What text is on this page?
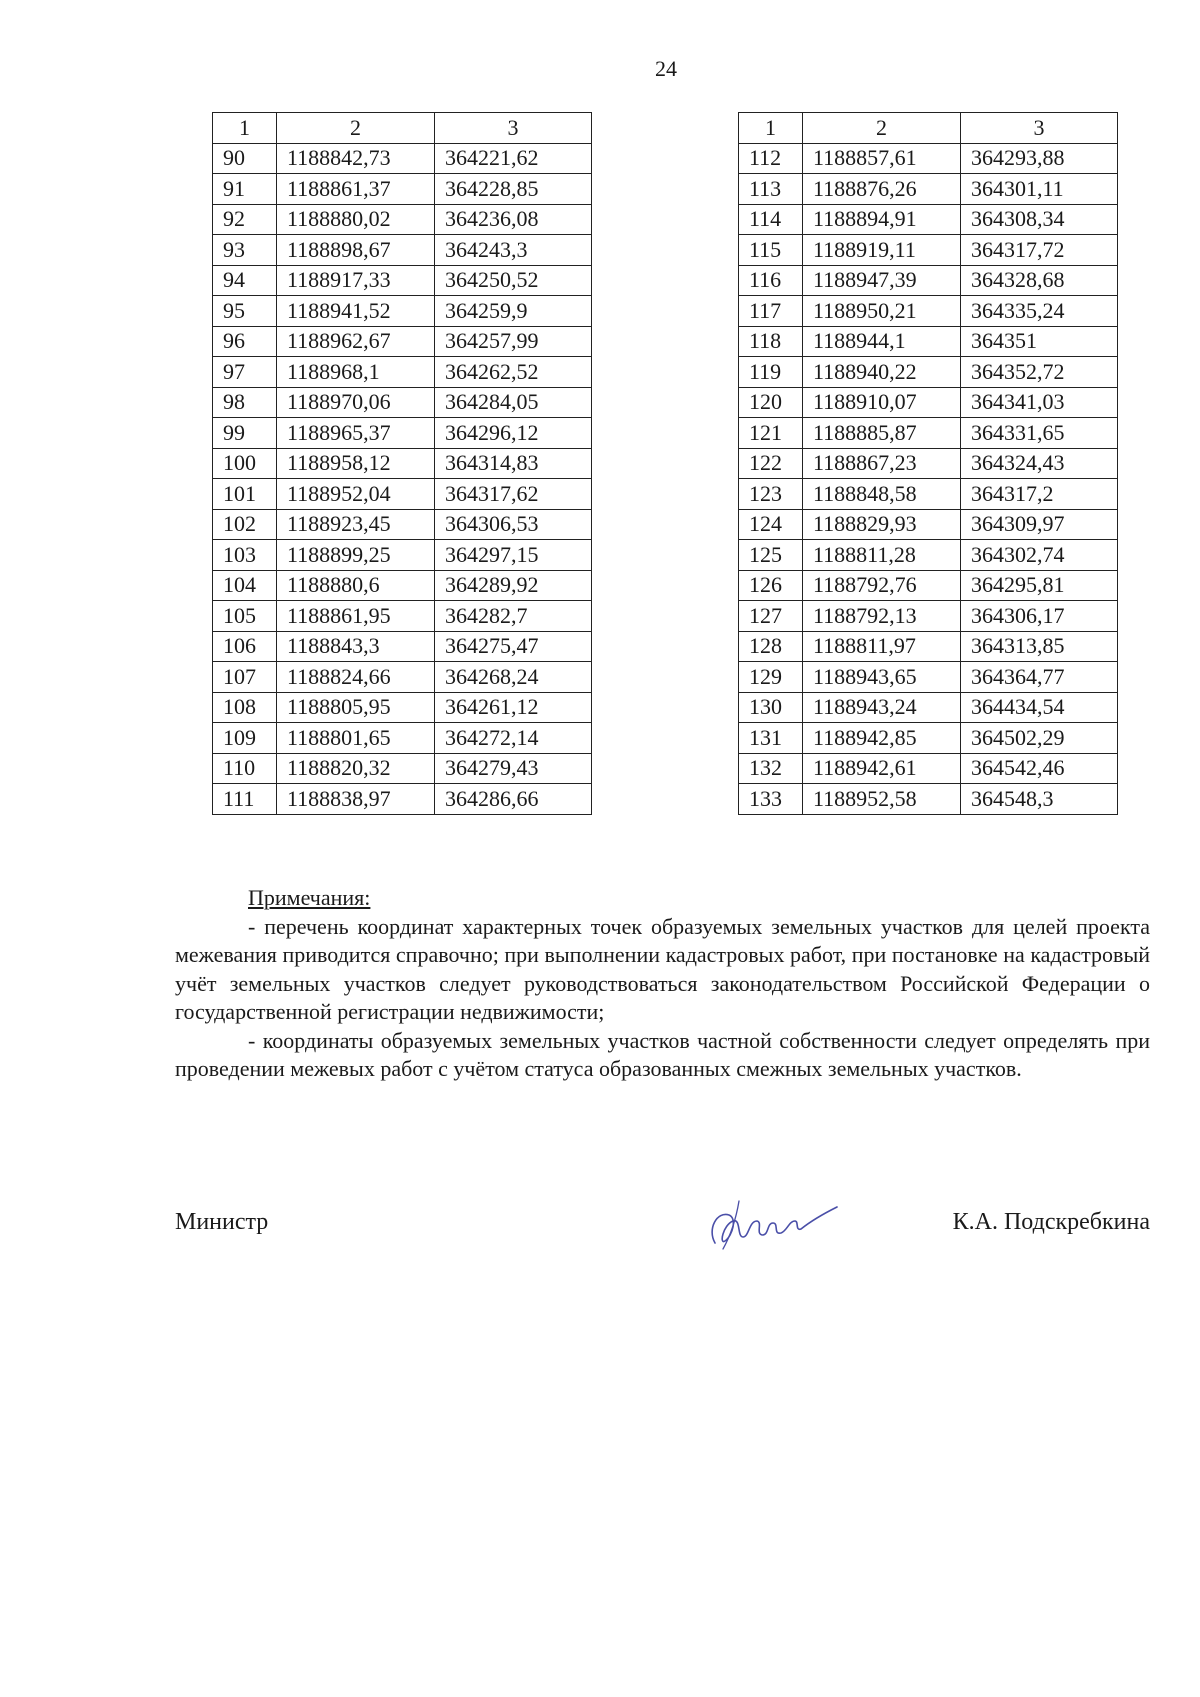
24
1	2	3
90	1188842,73	364221,62
91	1188861,37	364228,85
92	1188880,02	364236,08
93	1188898,67	364243,3
94	1188917,33	364250,52
95	1188941,52	364259,9
96	1188962,67	364257,99
97	1188968,1	364262,52
98	1188970,06	364284,05
99	1188965,37	364296,12
100	1188958,12	364314,83
101	1188952,04	364317,62
102	1188923,45	364306,53
103	1188899,25	364297,15
104	1188880,6	364289,92
105	1188861,95	364282,7
106	1188843,3	364275,47
107	1188824,66	364268,24
108	1188805,95	364261,12
109	1188801,65	364272,14
110	1188820,32	364279,43
111	1188838,97	364286,66
1	2	3
112	1188857,61	364293,88
113	1188876,26	364301,11
114	1188894,91	364308,34
115	1188919,11	364317,72
116	1188947,39	364328,68
117	1188950,21	364335,24
118	1188944,1	364351
119	1188940,22	364352,72
120	1188910,07	364341,03
121	1188885,87	364331,65
122	1188867,23	364324,43
123	1188848,58	364317,2
124	1188829,93	364309,97
125	1188811,28	364302,74
126	1188792,76	364295,81
127	1188792,13	364306,17
128	1188811,97	364313,85
129	1188943,65	364364,77
130	1188943,24	364434,54
131	1188942,85	364502,29
132	1188942,61	364542,46
133	1188952,58	364548,3
Примечания:

- перечень координат характерных точек образуемых земельных участков для целей проекта межевания приводится справочно; при выполнении кадастровых работ, при постановке на кадастровый учёт земельных участков следует руководствоваться законодательством Российской Федерации о государственной регистрации недвижимости;

- координаты образуемых земельных участков частной собственности следует определять при проведении межевых работ с учётом статуса образованных смежных земельных участков.

Министр	К.А. Подскребкина
